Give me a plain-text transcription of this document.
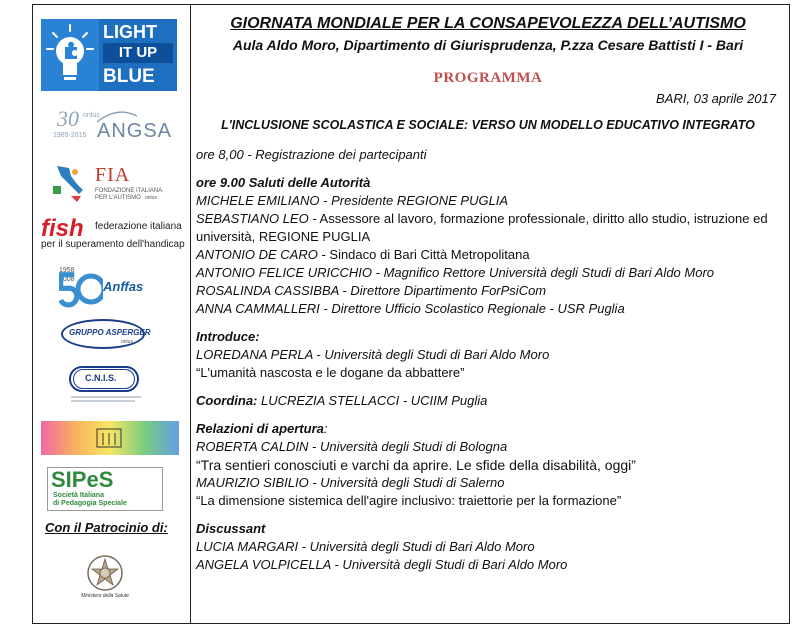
LIGHT
IT UP
BLUE
30 onlus
1985-2015 ANGSA
FIA
FONDAZIONE ITALIANA
PER L'AUTISMO onlus
fish federazione italiana
per il superamento dell'handicap
1958
2008 Anffas
GRUPPO ASPERGER
onlus
C.N.I.S.
SIPeS
Società Italiana
di Pedagogia Speciale
Con il Patrocinio di:
Ministero della Salute
GIORNATA MONDIALE PER LA CONSAPEVOLEZZA DELL’AUTISMO
Aula Aldo Moro, Dipartimento di Giurisprudenza, P.zza Cesare Battisti I - Bari
PROGRAMMA
BARI, 03 aprile 2017
L'INCLUSIONE SCOLASTICA E SOCIALE: VERSO UN MODELLO EDUCATIVO INTEGRATO
ore 8,00 - Registrazione dei partecipanti
ore 9.00 Saluti delle Autorità
MICHELE EMILIANO - Presidente REGIONE PUGLIA
SEBASTIANO LEO - Assessore al lavoro, formazione professionale, diritto allo studio, istruzione ed università, REGIONE PUGLIA
ANTONIO DE CARO - Sindaco di Bari Città Metropolitana
ANTONIO FELICE URICCHIO - Magnifico Rettore Università degli Studi di Bari Aldo Moro
ROSALINDA CASSIBBA - Direttore Dipartimento ForPsiCom
ANNA CAMMALLERI - Direttore Ufficio Scolastico Regionale - USR Puglia
Introduce:
LOREDANA PERLA - Università degli Studi di Bari Aldo Moro
“L'umanità nascosta e le dogane da abbattere”
Coordina: LUCREZIA STELLACCI - UCIIM Puglia
Relazioni di apertura:
ROBERTA CALDIN - Università degli Studi di Bologna
“Tra sentieri conosciuti e varchi da aprire. Le sfide della disabilità, oggi”
MAURIZIO SIBILIO - Università degli Studi di Salerno
“La dimensione sistemica dell'agire inclusivo: traiettorie per la formazione”
Discussant
LUCIA MARGARI - Università degli Studi di Bari Aldo Moro
ANGELA VOLPICELLA - Università degli Studi di Bari Aldo Moro
